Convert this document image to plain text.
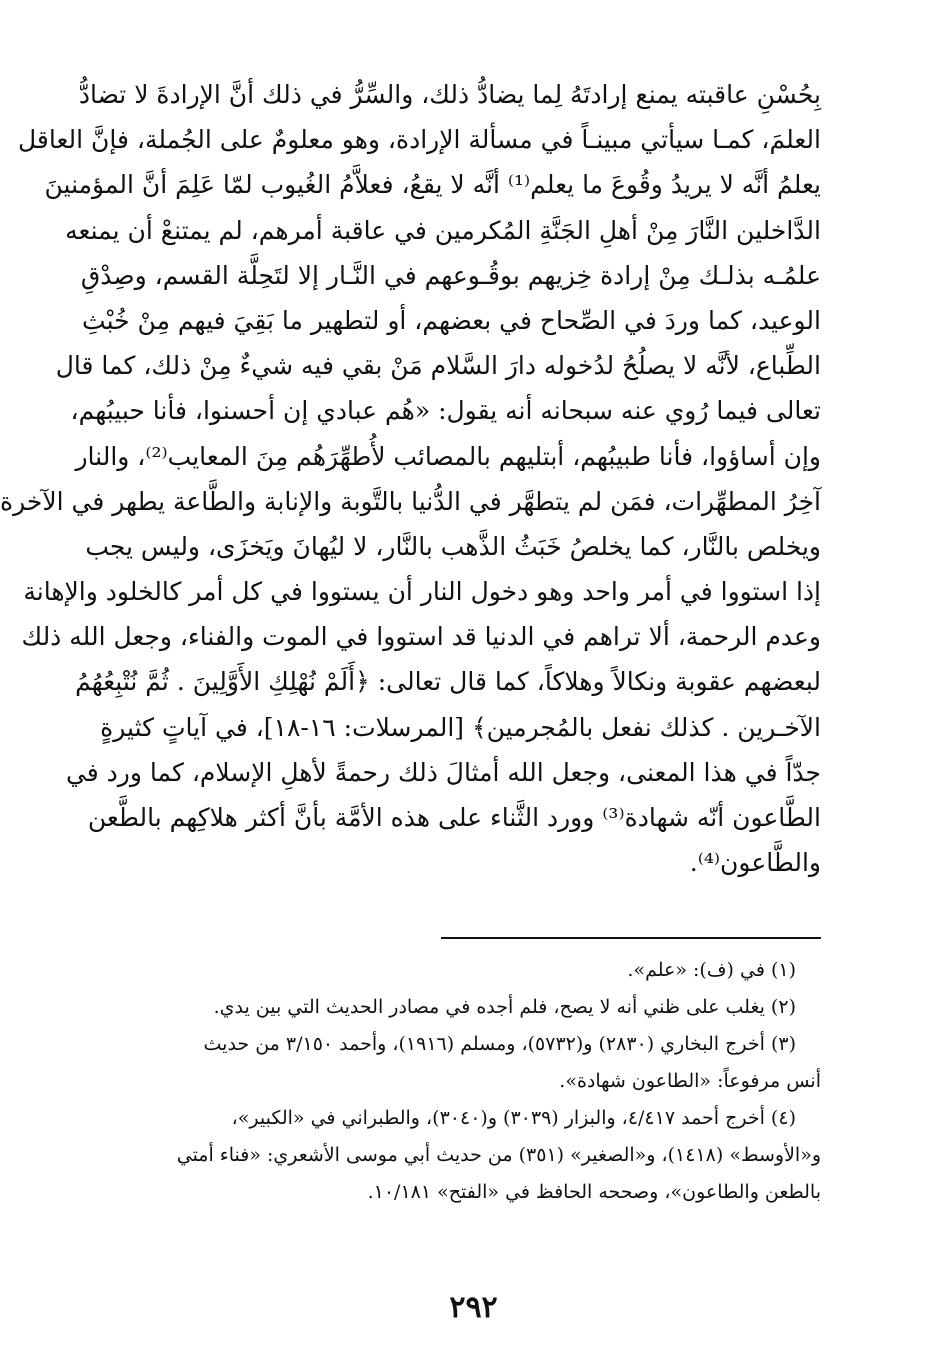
بِحُسْنِ عاقبته يمنع إرادتَهُ لِما يضادُّ ذلك، والسِّرُّ في ذلك أنَّ الإرادةَ لا تضادُّ
العلمَ، كمـا سيأتي مبينـاً في مسألة الإرادة، وهو معلومٌ على الجُملة، فإنَّ العاقل
يعلمُ أنَّه لا يريدُ وقُوعَ ما يعلم⁽¹⁾ أنَّه لا يقعُ، فعلاَّمُ الغُيوب لمّا عَلِمَ أنَّ المؤمنينَ
الدَّاخلين النَّارَ مِنْ أهلِ الجَنَّةِ المُكرمين في عاقبة أمرهم، لم يمتنعْ أن يمنعه
علمُـه بذلـك مِنْ إرادة خِزيهم بوقُـوعهم في النَّـار إلا لتَحِلَّة القسم، وصِدْقِ
الوعيد، كما وردَ في الصِّحاح في بعضهم، أو لتطهير ما بَقِيَ فيهم مِنْ خُبْثِ
الطِّباع، لأنَّه لا يصلُحُ لدُخوله دارَ السَّلام مَنْ بقي فيه شيءٌ مِنْ ذلك، كما قال
تعالى فيما رُوي عنه سبحانه أنه يقول: «هُم عبادي إن أحسنوا، فأنا حبيبُهم،
وإن أساؤوا، فأنا طبيبُهم، أبتليهم بالمصائب لأُطهِّرَهُم مِنَ المعايب⁽²⁾، والنار
آخِرُ المطهِّرات، فمَن لم يتطهَّر في الدُّنيا بالتَّوبة والإنابة والطَّاعة يطهر في الآخرة
ويخلص بالنَّار، كما يخلصُ خَبَثُ الذَّهب بالنَّار، لا ليُهانَ ويَخزَى، وليس يجب
إذا استووا في أمر واحد وهو دخول النار أن يستووا في كل أمر كالخلود والإهانة
وعدم الرحمة، ألا تراهم في الدنيا قد استووا في الموت والفناء، وجعل الله ذلك
لبعضهم عقوبة ونكالاً وهلاكاً، كما قال تعالى: ﴿أَلَمْ نُهْلِكِ الأَوَّلِينَ . ثُمَّ نُتْبِعُهُمُ
الآخـرين . كذلك نفعل بالمُجرمين﴾ [المرسلات: ١٦-١٨]، في آياتٍ كثيرةٍ
جدّاً في هذا المعنى، وجعل الله أمثالَ ذلك رحمةً لأهلِ الإسلام، كما ورد في
الطَّاعون أنّه شهادة⁽³⁾ وورد الثَّناء على هذه الأمَّة بأنَّ أكثر هلاكِهم بالطَّعن
والطَّاعون⁽⁴⁾.
(١) في (ف): «علم».
(٢) يغلب على ظني أنه لا يصح، فلم أجده في مصادر الحديث التي بين يدي.
(٣) أخرج البخاري (٢٨٣٠) و(٥٧٣٢)، ومسلم (١٩١٦)، وأحمد ٣/١٥٠ من حديث
أنس مرفوعاً: «الطاعون شهادة».
(٤) أخرج أحمد ٤/٤١٧، والبزار (٣٠٣٩) و(٣٠٤٠)، والطبراني في «الكبير»،
و«الأوسط» (١٤١٨)، و«الصغير» (٣٥١) من حديث أبي موسى الأشعري: «فناء أمتي
بالطعن والطاعون»، وصححه الحافظ في «الفتح» ١٠/١٨١.
٢٩٢
